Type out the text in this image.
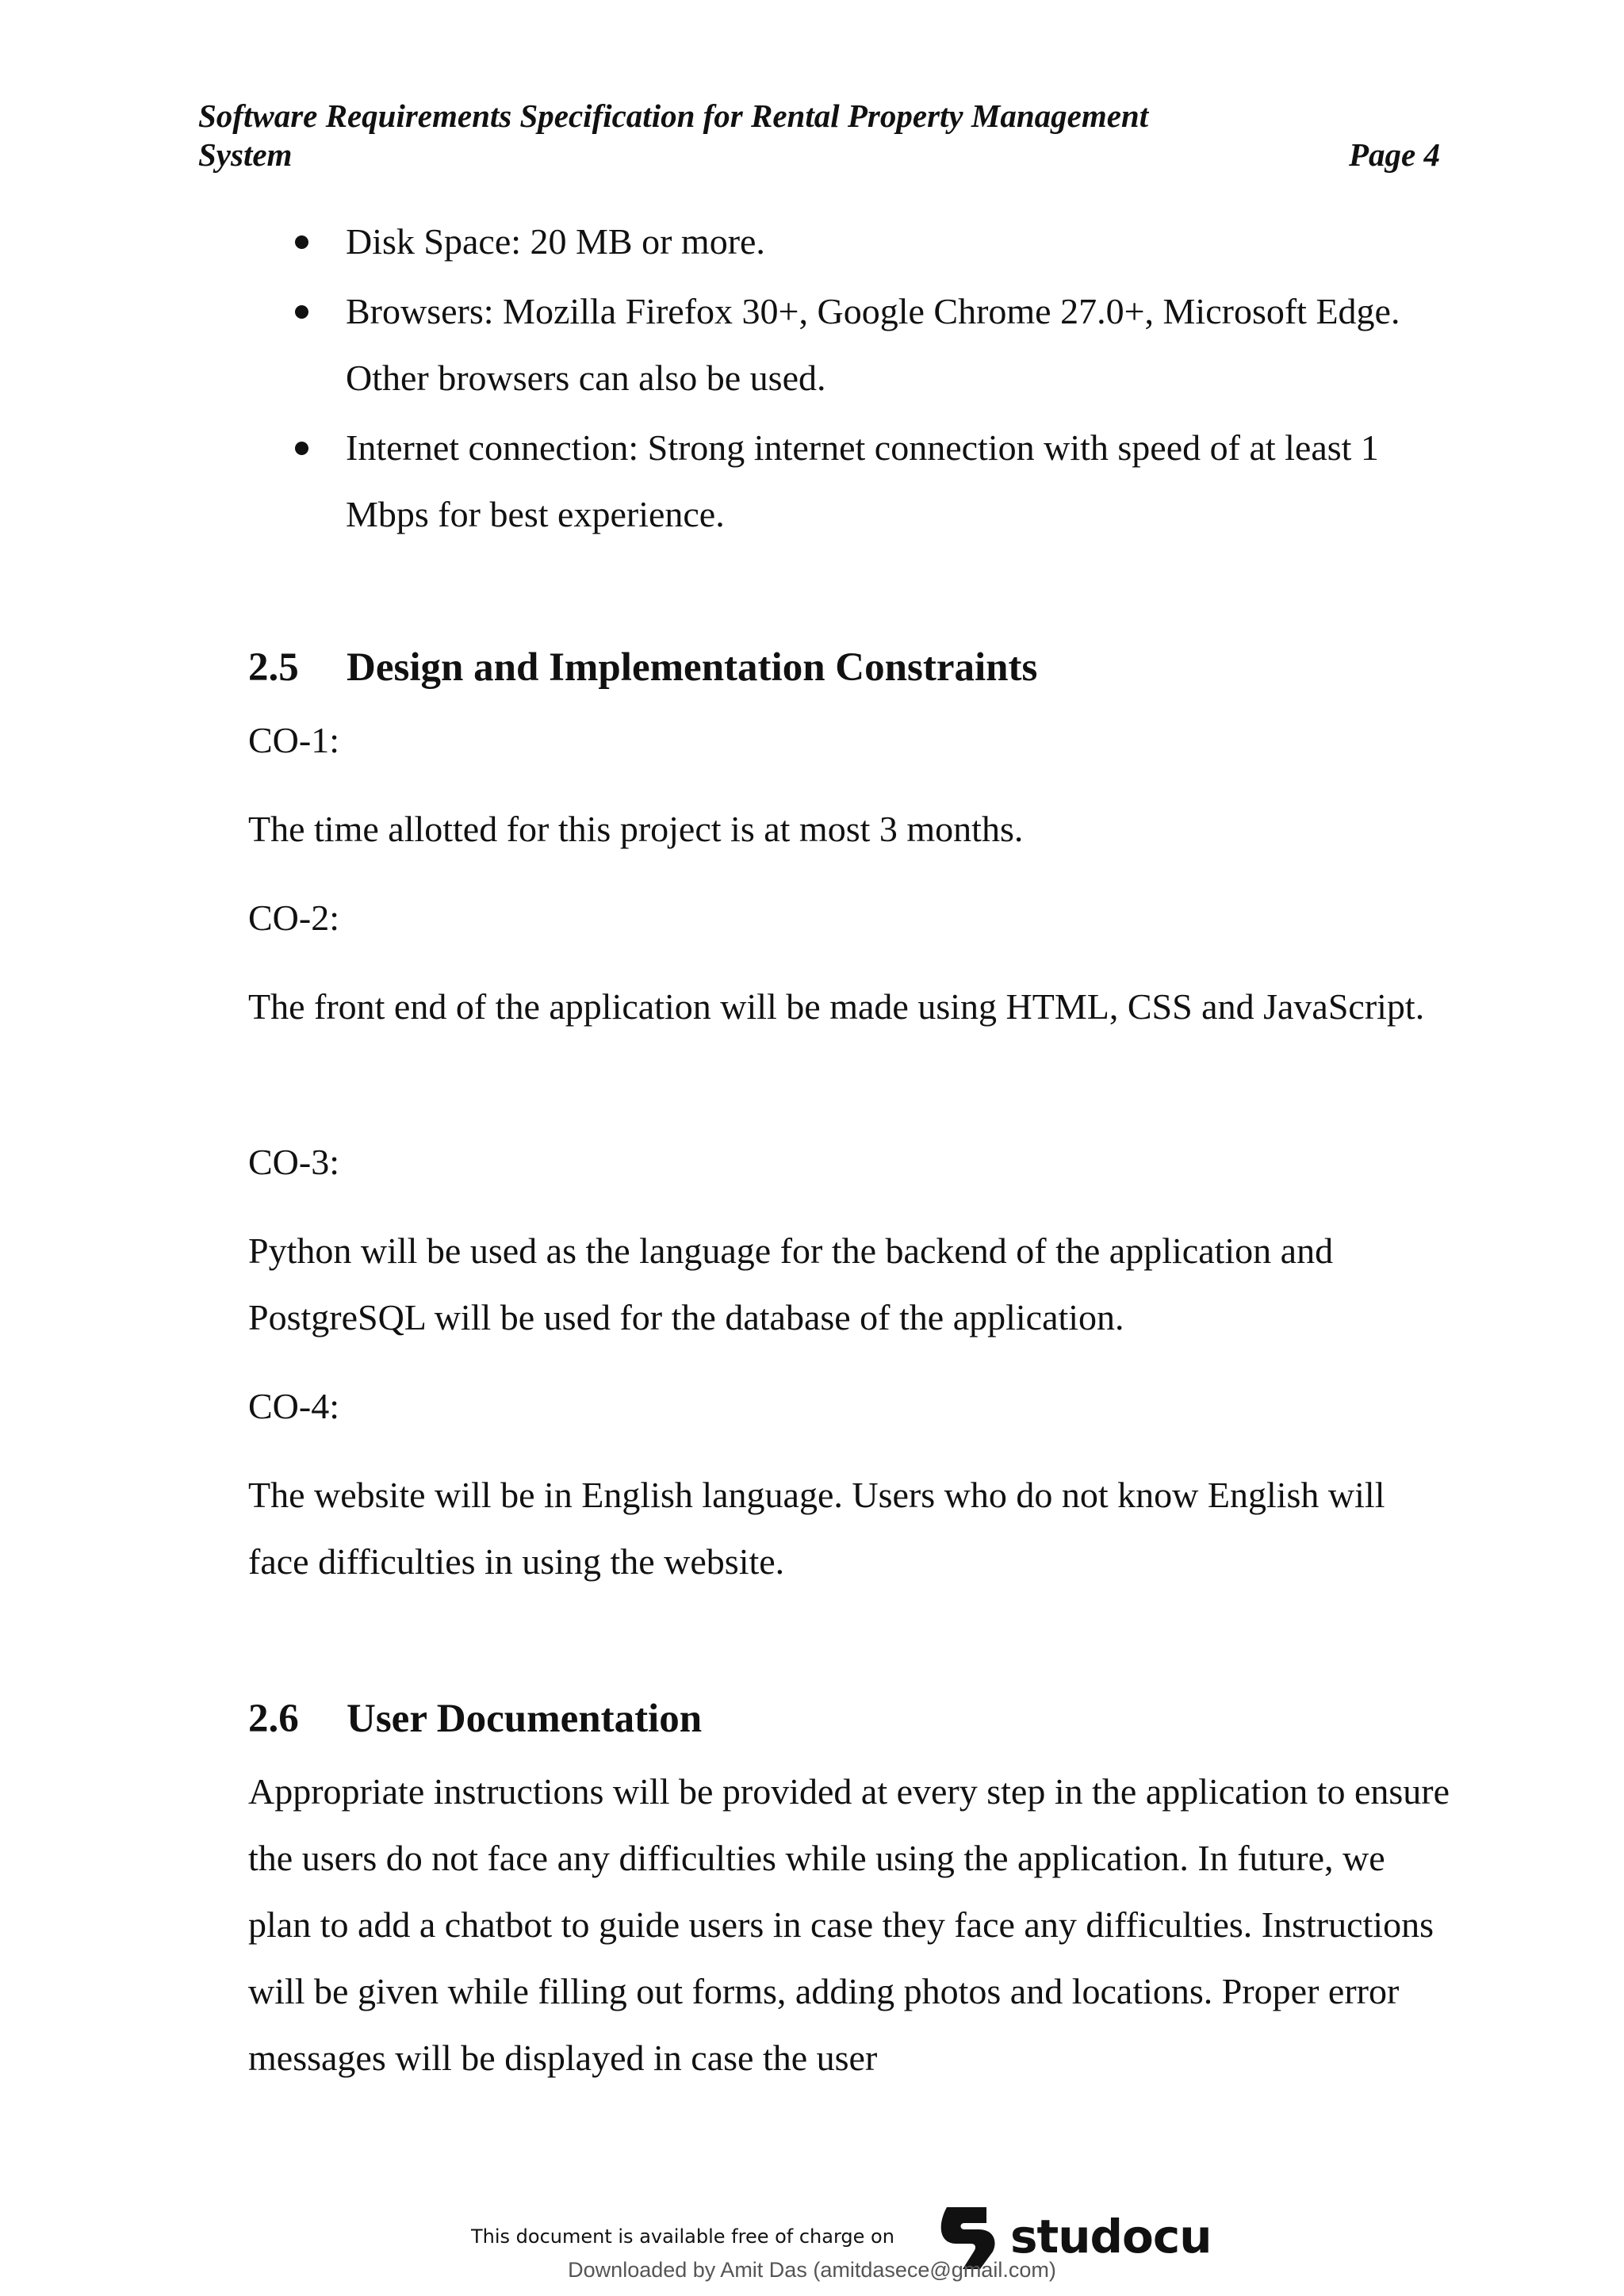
Software Requirements Specification for Rental Property Management System	Page 4
Disk Space: 20 MB or more.
Browsers: Mozilla Firefox 30+, Google Chrome 27.0+, Microsoft Edge. Other browsers can also be used.
Internet connection: Strong internet connection with speed of at least 1 Mbps for best experience.
2.5 Design and Implementation Constraints

CO-1:

The time allotted for this project is at most 3 months.

CO-2:

The front end of the application will be made using HTML, CSS and JavaScript.

CO-3:

Python will be used as the language for the backend of the application and PostgreSQL will be used for the database of the application.

CO-4:

The website will be in English language. Users who do not know English will face difficulties in using the website.

2.6 User Documentation

Appropriate instructions will be provided at every step in the application to ensure the users do not face any difficulties while using the application. In future, we plan to add a chatbot to guide users in case they face any difficulties. Instructions will be given while filling out forms, adding photos and locations. Proper error messages will be displayed in case the user

This document is available free of charge on	studocu
Downloaded by Amit Das (amitdasece@gmail.com)
